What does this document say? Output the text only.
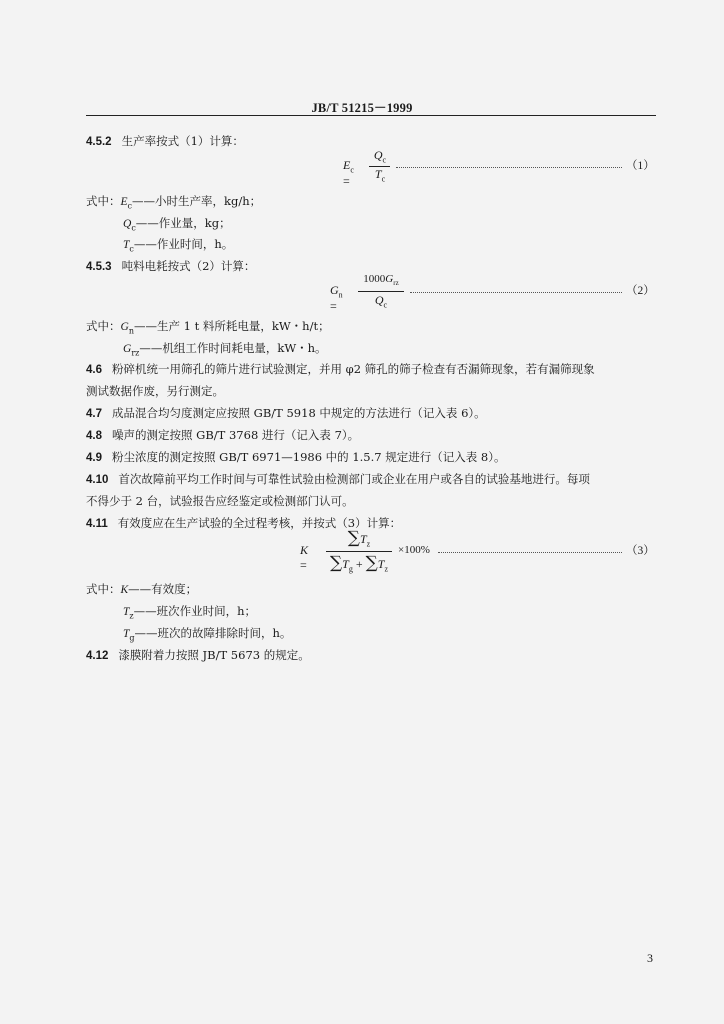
JB/T 51215－1999
4.5.2 生产率按式（1）计算：
$E_c$ =
$Q_c$
$T_c$
（1）
式中：$E_c——$小时生产率，kg/h；
$Q_c——$作业量，kg；
$T_c——$作业时间，h。
4.5.3 吨料电耗按式（2）计算：
$G_n$ =
$1000G_{rz}$
$Q_c$
（2）
式中：$G_n——$生产 1 t 料所耗电量，kW・h/t；
$G_{rz}——$机组工作时间耗电量，kW・h。
4.6 粉碎机统一用筛孔的筛片进行试验测定，并用 φ2 筛孔的筛子检查有否漏筛现象，若有漏筛现象
测试数据作废，另行测定。
4.7 成品混合均匀度测定应按照 GB/T 5918 中规定的方法进行（记入表 6）。
4.8 噪声的测定按照 GB/T 3768 进行（记入表 7）。
4.9 粉尘浓度的测定按照 GB/T 6971—1986 中的 1.5.7 规定进行（记入表 8）。
4.10 首次故障前平均工作时间与可靠性试验由检测部门或企业在用户或各自的试验基地进行。每项
不得少于 2 台，试验报告应经鉴定或检测部门认可。
4.11 有效度应在生产试验的全过程考核，并按式（3）计算：
K =
$\sum T_z$
$\sum T_g + \sum T_z$
×100%	（3）
式中：K——有效度；
$T_z——$班次作业时间，h；
$T_g——$班次的故障排除时间，h。
4.12 漆膜附着力按照 JB/T 5673 的规定。
3
